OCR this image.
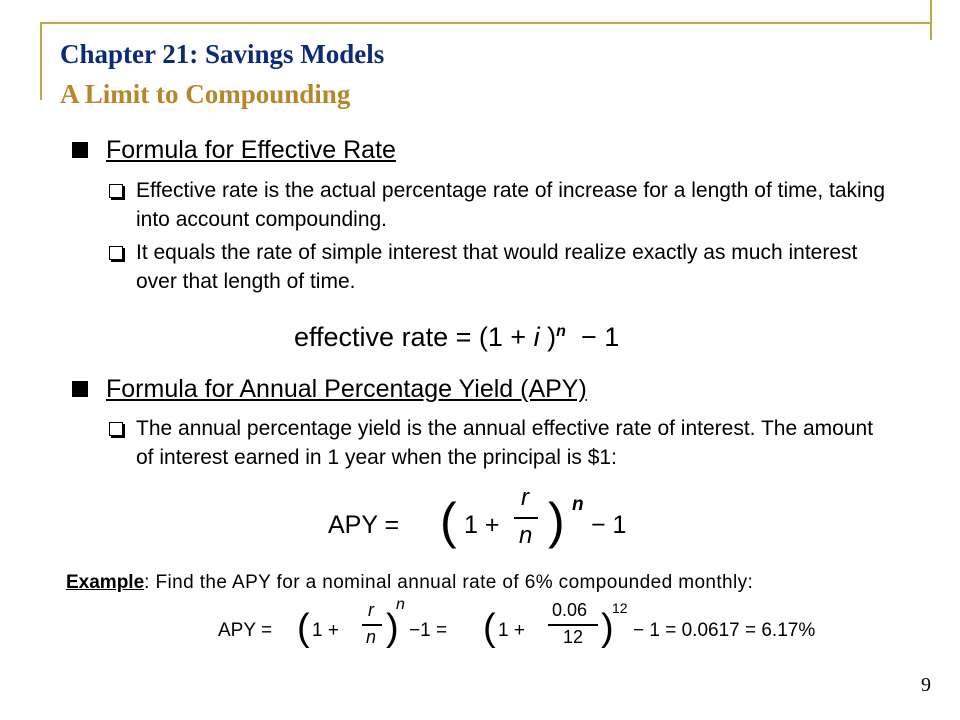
Chapter 21: Savings Models
A Limit to Compounding
Formula for Effective Rate
Effective rate is the actual percentage rate of increase for a length of time, taking into account compounding.
It equals the rate of simple interest that would realize exactly as much interest over that length of time.
effective rate = (1 + i )$^n$ − 1
Formula for Annual Percentage Yield (APY)
The annual percentage yield is the annual effective rate of interest. The amount of interest earned in 1 year when the principal is $1:
APY = ( 1 +
r
n ) n
− 1
Example: Find the APY for a nominal annual rate of 6% compounded monthly:
APY = ( 1 +
r
n )
n
−1 = ( 1 +
0.06
12 )
12
− 1 = 0.0617 = 6.17%
9
